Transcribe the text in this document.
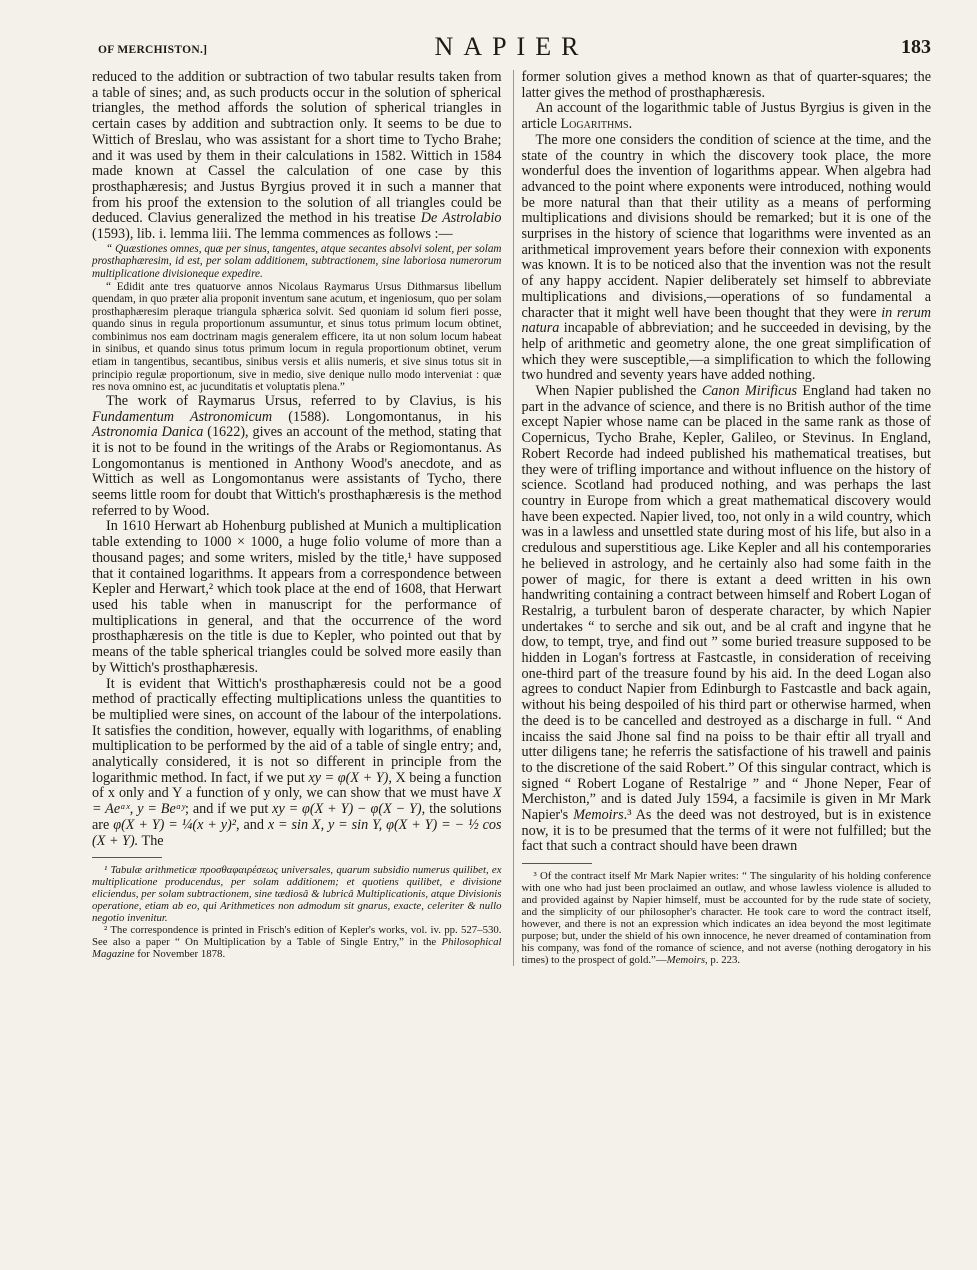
OF MERCHISTON.]	NAPIER	183

reduced to the addition or subtraction of two tabular results taken from a table of sines; and, as such products occur in the solution of spherical triangles, the method affords the solution of spherical triangles in certain cases by addition and subtraction only. It seems to be due to Wittich of Breslau, who was assistant for a short time to Tycho Brahe; and it was used by them in their calculations in 1582. Wittich in 1584 made known at Cassel the calculation of one case by this prosthaphæresis; and Justus Byrgius proved it in such a manner that from his proof the extension to the solution of all triangles could be deduced. Clavius generalized the method in his treatise De Astrolabio (1593), lib. i. lemma liii. The lemma commences as follows :—

“ Quæstiones omnes, quæ per sinus, tangentes, atque secantes absolvi solent, per solam prosthaphæresim, id est, per solam additionem, subtractionem, sine laboriosa numerorum multiplicatione divisioneque expedire.

“ Edidit ante tres quatuorve annos Nicolaus Raymarus Ursus Dithmarsus libellum quendam, in quo præter alia proponit inventum sane acutum, et ingeniosum, quo per solam prosthaphæresim pleraque triangula sphærica solvit. Sed quoniam id solum fieri posse, quando sinus in regula proportionum assumuntur, et sinus totus primum locum obtinet, combinimus nos eam doctrinam magis generalem efficere, ita ut non solum locum habeat in sinibus, et quando sinus totus primum locum in regula proportionum obtinet, verum etiam in tangentibus, secantibus, sinibus versis et aliis numeris, et sive sinus totus sit in principio regulæ proportionum, sive in medio, sive denique nullo modo interveniat : quæ res nova omnino est, ac jucunditatis et voluptatis plena.”

The work of Raymarus Ursus, referred to by Clavius, is his Fundamentum Astronomicum (1588). Longomontanus, in his Astronomia Danica (1622), gives an account of the method, stating that it is not to be found in the writings of the Arabs or Regiomontanus. As Longomontanus is mentioned in Anthony Wood's anecdote, and as Wittich as well as Longomontanus were assistants of Tycho, there seems little room for doubt that Wittich's prosthaphæresis is the method referred to by Wood.

In 1610 Herwart ab Hohenburg published at Munich a multiplication table extending to 1000 × 1000, a huge folio volume of more than a thousand pages; and some writers, misled by the title,¹ have supposed that it contained logarithms. It appears from a correspondence between Kepler and Herwart,² which took place at the end of 1608, that Herwart used his table when in manuscript for the performance of multiplications in general, and that the occurrence of the word prosthaphæresis on the title is due to Kepler, who pointed out that by means of the table spherical triangles could be solved more easily than by Wittich's prosthaphæresis.

It is evident that Wittich's prosthaphæresis could not be a good method of practically effecting multiplications unless the quantities to be multiplied were sines, on account of the labour of the interpolations. It satisfies the condition, however, equally with logarithms, of enabling multiplication to be performed by the aid of a table of single entry; and, analytically considered, it is not so different in principle from the logarithmic method. In fact, if we put xy = φ(X + Y), X being a function of x only and Y a function of y only, we can show that we must have X = Aeᵃˣ, y = Beᵃʸ; and if we put xy = φ(X + Y) − φ(X − Y), the solutions are φ(X + Y) = ¼(x + y)², and x = sin X, y = sin Y, φ(X + Y) = − ½ cos (X + Y). The

¹ Tabulæ arithmeticæ προσθαφαιρέσεως universales, quarum subsidio numerus quilibet, ex multiplicatione producendus, per solam additionem; et quotiens quilibet, e divisione eliciendus, per solam subtractionem, sine tædiosâ & lubricâ Multiplicationis, atque Divisionis operatione, etiam ab eo, qui Arithmetices non admodum sit gnarus, exacte, celeriter & nullo negotio invenitur.

² The correspondence is printed in Frisch's edition of Kepler's works, vol. iv. pp. 527–530. See also a paper “ On Multiplication by a Table of Single Entry,” in the Philosophical Magazine for November 1878.

former solution gives a method known as that of quarter-squares; the latter gives the method of prosthaphæresis.

An account of the logarithmic table of Justus Byrgius is given in the article Logarithms.

The more one considers the condition of science at the time, and the state of the country in which the discovery took place, the more wonderful does the invention of logarithms appear. When algebra had advanced to the point where exponents were introduced, nothing would be more natural than that their utility as a means of performing multiplications and divisions should be remarked; but it is one of the surprises in the history of science that logarithms were invented as an arithmetical improvement years before their connexion with exponents was known. It is to be noticed also that the invention was not the result of any happy accident. Napier deliberately set himself to abbreviate multiplications and divisions,—operations of so fundamental a character that it might well have been thought that they were in rerum natura incapable of abbreviation; and he succeeded in devising, by the help of arithmetic and geometry alone, the one great simplification of which they were susceptible,—a simplification to which the following two hundred and seventy years have added nothing.

When Napier published the Canon Mirificus England had taken no part in the advance of science, and there is no British author of the time except Napier whose name can be placed in the same rank as those of Copernicus, Tycho Brahe, Kepler, Galileo, or Stevinus. In England, Robert Recorde had indeed published his mathematical treatises, but they were of trifling importance and without influence on the history of science. Scotland had produced nothing, and was perhaps the last country in Europe from which a great mathematical discovery would have been expected. Napier lived, too, not only in a wild country, which was in a lawless and unsettled state during most of his life, but also in a credulous and superstitious age. Like Kepler and all his contemporaries he believed in astrology, and he certainly also had some faith in the power of magic, for there is extant a deed written in his own handwriting containing a contract between himself and Robert Logan of Restalrig, a turbulent baron of desperate character, by which Napier undertakes “ to serche and sik out, and be al craft and ingyne that he dow, to tempt, trye, and find out ” some buried treasure supposed to be hidden in Logan's fortress at Fastcastle, in consideration of receiving one-third part of the treasure found by his aid. In the deed Logan also agrees to conduct Napier from Edinburgh to Fastcastle and back again, without his being despoiled of his third part or otherwise harmed, when the deed is to be cancelled and destroyed as a discharge in full. “ And incaiss the said Jhone sal find na poiss to be thair eftir all tryall and utter diligens tane; he referris the satisfactione of his trawell and painis to the discretione of the said Robert.” Of this singular contract, which is signed “ Robert Logane of Restalrige ” and “ Jhone Neper, Fear of Merchiston,” and is dated July 1594, a facsimile is given in Mr Mark Napier's Memoirs.³ As the deed was not destroyed, but is in existence now, it is to be presumed that the terms of it were not fulfilled; but the fact that such a contract should have been drawn

³ Of the contract itself Mr Mark Napier writes: “ The singularity of his holding conference with one who had just been proclaimed an outlaw, and whose lawless violence is alluded to and provided against by Napier himself, must be accounted for by the rude state of society, and the simplicity of our philosopher's character. He took care to word the contract itself, however, and there is not an expression which indicates an idea beyond the most legitimate purpose; but, under the shield of his own innocence, he never dreamed of contamination from his company, was fond of the romance of science, and not averse (nothing derogatory in his times) to the prospect of gold.”—Memoirs, p. 223.
